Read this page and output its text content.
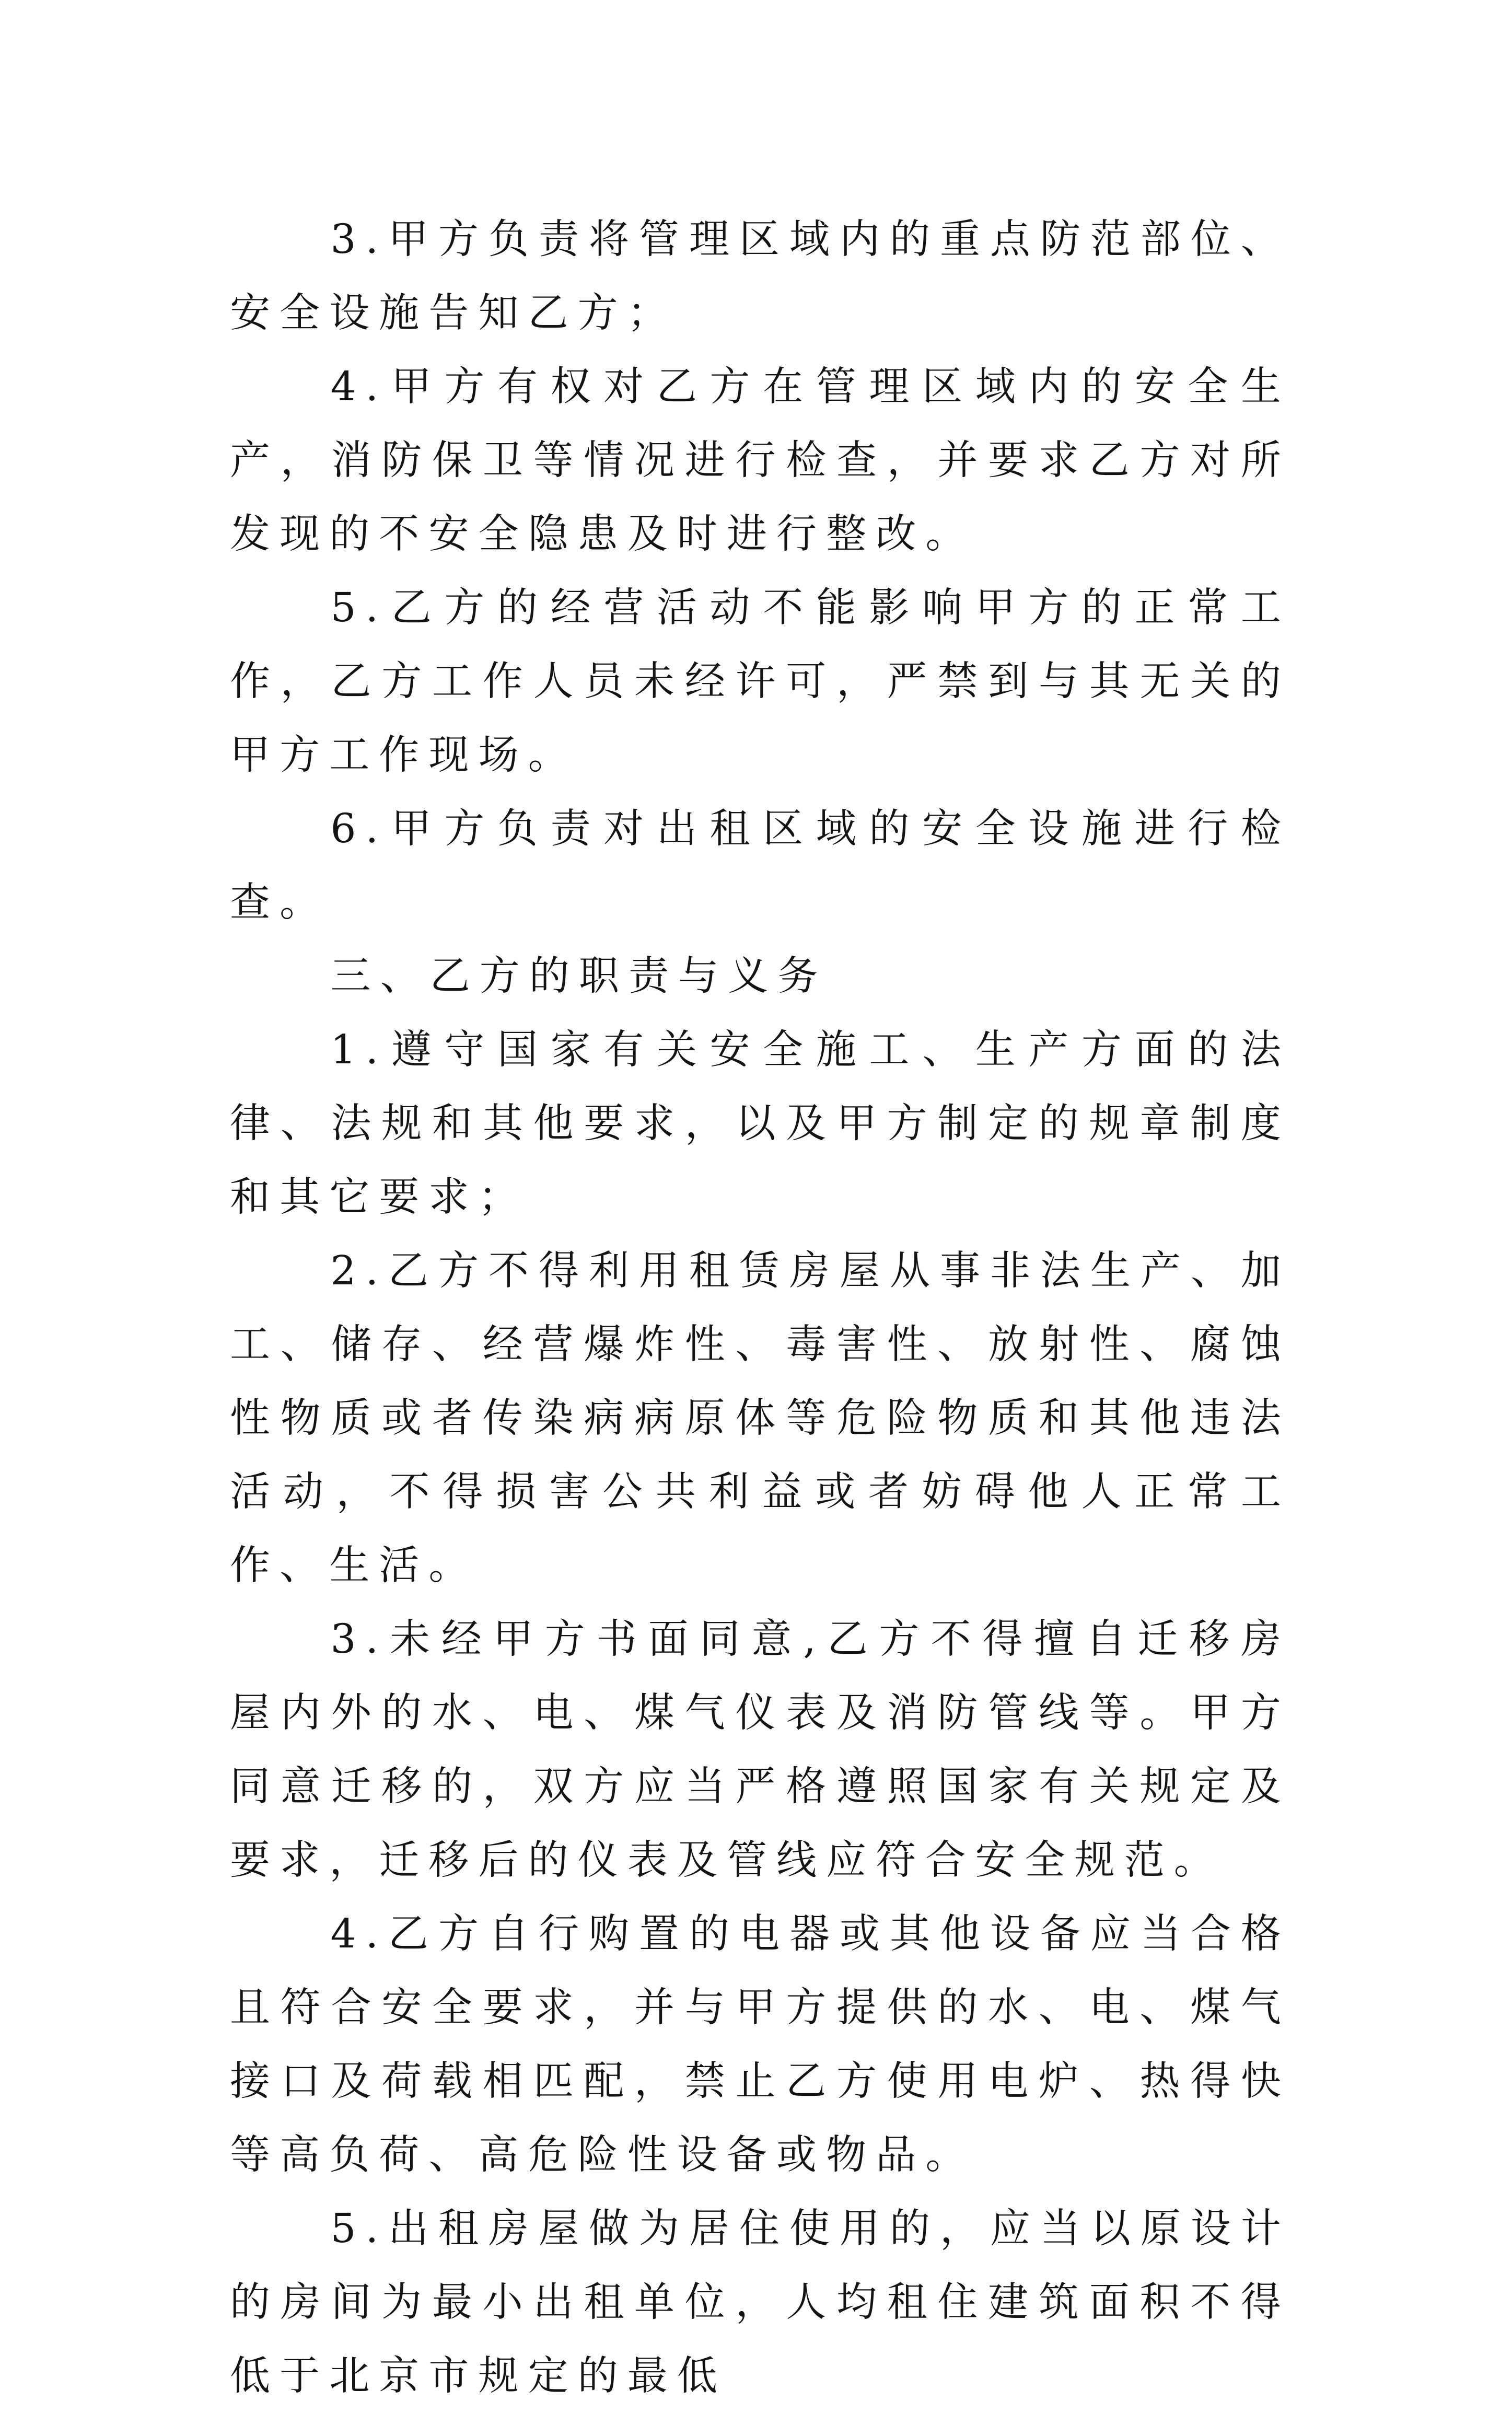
3.甲方负责将管理区域内的重点防范部位、安全设施告知乙方；

4.甲方有权对乙方在管理区域内的安全生产，消防保卫等情况进行检查，并要求乙方对所发现的不安全隐患及时进行整改。

5.乙方的经营活动不能影响甲方的正常工作，乙方工作人员未经许可，严禁到与其无关的甲方工作现场。

6.甲方负责对出租区域的安全设施进行检查。

三、乙方的职责与义务

1.遵守国家有关安全施工、生产方面的法律、法规和其他要求，以及甲方制定的规章制度和其它要求；

2.乙方不得利用租赁房屋从事非法生产、加工、储存、经营爆炸性、毒害性、放射性、腐蚀性物质或者传染病病原体等危险物质和其他违法活动，不得损害公共利益或者妨碍他人正常工作、生活。

3.未经甲方书面同意,乙方不得擅自迁移房屋内外的水、电、煤气仪表及消防管线等。甲方同意迁移的，双方应当严格遵照国家有关规定及要求，迁移后的仪表及管线应符合安全规范。

4.乙方自行购置的电器或其他设备应当合格且符合安全要求，并与甲方提供的水、电、煤气接口及荷载相匹配，禁止乙方使用电炉、热得快等高负荷、高危险性设备或物品。

5.出租房屋做为居住使用的，应当以原设计的房间为最小出租单位，人均租住建筑面积不得低于北京市规定的最低
